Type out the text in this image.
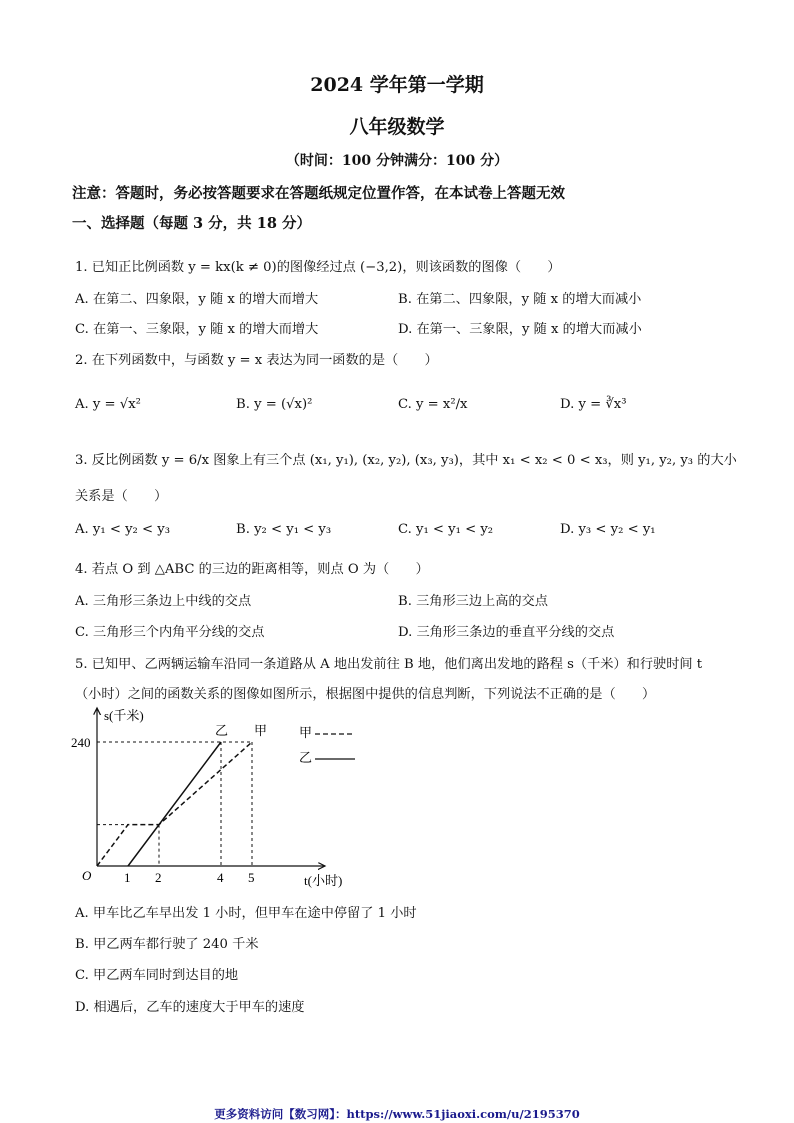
2024 学年第一学期
八年级数学
（时间：100 分钟满分：100 分）
注意：答题时，务必按答题要求在答题纸规定位置作答，在本试卷上答题无效
一、选择题（每题 3 分，共 18 分）
1. 已知正比例函数 y = kx(k ≠ 0)的图像经过点 (−3,2)，则该函数的图像（　　）
A. 在第二、四象限，y 随 x 的增大而增大	B. 在第二、四象限，y 随 x 的增大而减小
C. 在第一、三象限，y 随 x 的增大而增大	D. 在第一、三象限，y 随 x 的增大而减小
2. 在下列函数中，与函数 y = x 表达为同一函数的是（　　）
A. y = √x²	B. y = (√x)²	C. y = x²/x	D. y = ∛x³
3. 反比例函数 y = 6/x 图象上有三个点 (x₁, y₁), (x₂, y₂), (x₃, y₃)，其中 x₁ < x₂ < 0 < x₃，则 y₁, y₂, y₃ 的大小
关系是（　　）
A. y₁ < y₂ < y₃	B. y₂ < y₁ < y₃	C. y₁ < y₁ < y₂	D. y₃ < y₂ < y₁
4. 若点 O 到 △ABC 的三边的距离相等，则点 O 为（　　）
A. 三角形三条边上中线的交点	B. 三角形三边上高的交点
C. 三角形三个内角平分线的交点	D. 三角形三条边的垂直平分线的交点
5. 已知甲、乙两辆运输车沿同一条道路从 A 地出发前往 B 地，他们离出发地的路程 s（千米）和行驶时间 t
（小时）之间的函数关系的图像如图所示，根据图中提供的信息判断，下列说法不正确的是（　　）
s(千米)
t(小时)
O	1 2	4 5
240
甲
乙	甲
乙
A. 甲车比乙车早出发 1 小时，但甲车在途中停留了 1 小时
B. 甲乙两车都行驶了 240 千米
C. 甲乙两车同时到达目的地
D. 相遇后，乙车的速度大于甲车的速度
更多资料访问【数习网】：https://www.51jiaoxi.com/u/2195370
